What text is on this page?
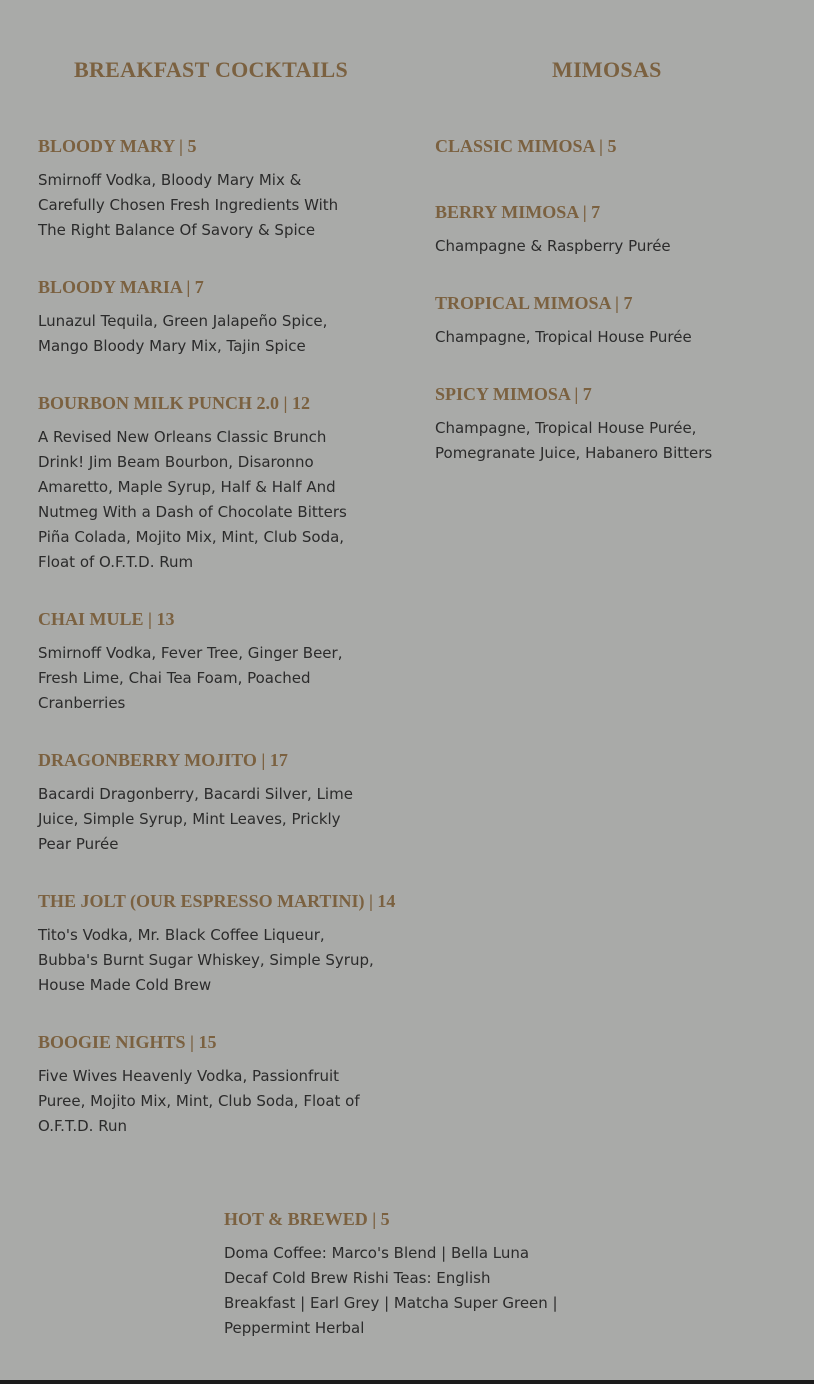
BREAKFAST COCKTAILS
BLOODY MARY | 5
Smirnoff Vodka, Bloody Mary Mix & Carefully Chosen Fresh Ingredients With The Right Balance Of Savory & Spice
BLOODY MARIA | 7
Lunazul Tequila, Green Jalapeño Spice, Mango Bloody Mary Mix, Tajin Spice
BOURBON MILK PUNCH 2.0 | 12
A Revised New Orleans Classic Brunch Drink! Jim Beam Bourbon, Disaronno Amaretto, Maple Syrup, Half & Half And Nutmeg With a Dash of Chocolate Bitters Piña Colada, Mojito Mix, Mint, Club Soda, Float of O.F.T.D. Rum
CHAI MULE | 13
Smirnoff Vodka, Fever Tree, Ginger Beer, Fresh Lime, Chai Tea Foam, Poached Cranberries
DRAGONBERRY MOJITO | 17
Bacardi Dragonberry, Bacardi Silver, Lime Juice, Simple Syrup, Mint Leaves, Prickly Pear Purée
THE JOLT (OUR ESPRESSO MARTINI) | 14
Tito's Vodka, Mr. Black Coffee Liqueur, Bubba's Burnt Sugar Whiskey, Simple Syrup, House Made Cold Brew
BOOGIE NIGHTS | 15
Five Wives Heavenly Vodka, Passionfruit Puree, Mojito Mix, Mint, Club Soda, Float of O.F.T.D. Run
MIMOSAS
CLASSIC MIMOSA | 5
BERRY MIMOSA | 7
Champagne & Raspberry Purée
TROPICAL MIMOSA | 7
Champagne, Tropical House Purée
SPICY MIMOSA | 7
Champagne, Tropical House Purée, Pomegranate Juice, Habanero Bitters
HOT & BREWED | 5
Doma Coffee: Marco's Blend | Bella Luna Decaf Cold Brew Rishi Teas: English Breakfast | Earl Grey | Matcha Super Green | Peppermint Herbal
